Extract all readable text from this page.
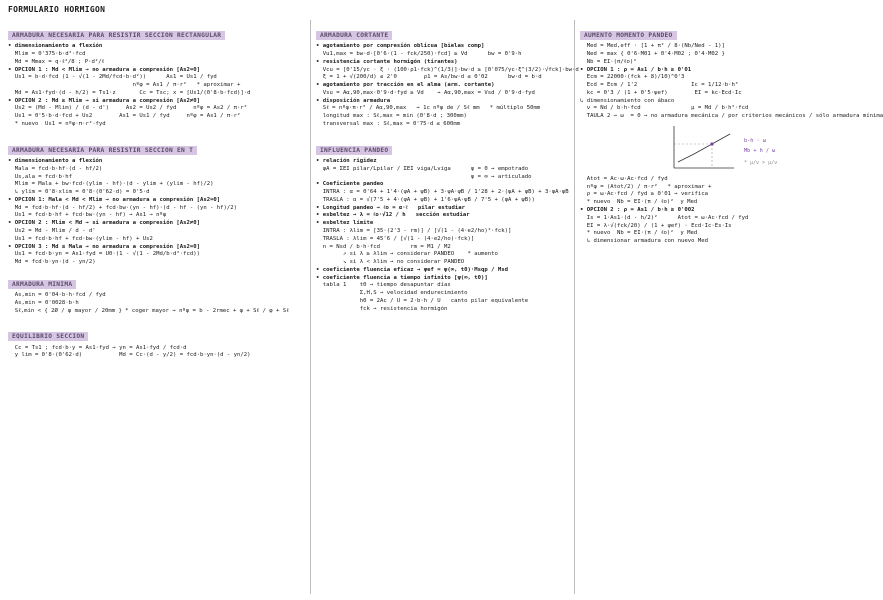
FORMULARIO HORMIGON
ARMADURA NECESARIA PARA RESISTIR SECCION RECTANGULAR
• dimensionamiento a flexión
Mlim = 0'375·b·d²·fcd
Md = Mmax = q·ℓ²/8 ; P·d²/ℓ
• OPCION 1 : Md < Mlim → no armadura a compresión [As2=0]
Us1 = b·d·fcd (1 - √(1 - 2Md/fcd·b·d²))      As1 = Us1 / fyd
nºφ = As1 / π·r²   * aproximar +
Md = As1·fyd·(d - h/2) = Ts1·z       Cc = Tsc; x = [Us1/(0'8·b·fcd)]·d
• OPCION 2 : Md ≥ Mlim → si armadura a compresión [As2≠0]
Us2 = (Md - Mlim) / (d - d')     As2 = Us2 / fyd     nºφ = As2 / π·r²
Us1 = 0'5·b·d·fcd + Us2        As1 = Us1 / fyd     nºφ = As1 / π·r²
* nuevo  Us1 = nºφ·π·r²·fyd
ARMADURA NECESARIA PARA RESISTIR SECCION EN T
• dimensionamiento a flexión
Mala = fcd·b·hf·(d - hf/2)
Us,ala = fcd·b·hf
Mlim = Mala + bw·fcd·(ylim - hf)·(d - ylim + (ylim - hf)/2)
↳ ylim = 0'8·xlim = 0'8·(0'62·d) = 0'5·d
• OPCION 1: Mala < Md < Mlim → no armadura a compresión [As2=0]
Md = fcd·b·hf·(d - hf/2) + fcd·bw·(yn - hf)·(d - hf - (yn - hf)/2)
Us1 = fcd·b·hf + fcd·bw·(yn - hf) → As1 → nºφ
• OPCION 2 : Mlim < Md → si armadura a compresión [As2≠0]
Us2 = Md - Mlim / d - d'
Us1 = fcd·b·hf + fcd·bw·(ylim - hf) + Us2
• OPCION 3 : Md ≤ Mala → no armadura a compresión [As2=0]
Us1 = fcd·b·yn = As1·fyd = U0·(1 - √(1 - 2Md/b·d²·fcd))
Md = fcd·b·yn·(d - yn/2)
ARMADURA MINIMA
As,min = 0'04·b·h·fcd / fyd
As,min = 0'0028·b·h
Sℓ,min < { 2Ø / φ mayor / 20mm } * coger mayor → nºφ = b - 2rmec + φ + Sℓ / φ + Sℓ
EQUILIBRIO SECCION
Cc = Ts1 ; fcd·b·y = As1·fyd → yn = As1·fyd / fcd·d
y lim = 0'8·(0'62·d)           Md = Cc·(d - y/2) = fcd·b·yn·(d - yn/2)
ARMADURA CORTANTE
• agotamiento por compresión oblicua [bielas comp]
Vu1,max = bw·d·[0'6·(1 - fck/250)·fcd] ≥ Vd      bw = 0'9·h
• resistencia cortante hormigón (tirantes)
Vcu = [0'15/γc · ξ · (100·ρ1·fck)^(1/3)]·bw·d ≥ [0'075/γc·ξ^(3/2)·√fck]·bw·d
ξ = 1 + √(200/d) ≤ 2'0        ρ1 = As/bw·d ≤ 0'02      bw·d = b·d
• agotamiento por tracción en el alma (arm. cortante)
Vsu = Aα,90,max·0'9·d·fyd ≥ Vd    → Aα,90,max = Vsd / 0'9·d·fyd
• disposición armadura
Sℓ = nºφ·π·r² / Aα,90,max   → 1c nºφ de / Sℓ mm   * múltiplo 50mm
longitud max : Sℓ,max = min (0'8·d ; 300mm)
transversal max : Sℓ,max = 0'75·d ≤ 600mm
INFLUENCIA PANDEO
• relación rigidez
ψA = ΣEI pilar/Lpilar / ΣEI viga/Lviga      ψ = 0 → empotrado
ψ = ∞ → articulado
• Coeficiente pandeo
INTRA : α = 0'64 + 1'4·(ψA + ψB) + 3·ψA·ψB / 1'28 + 2·(ψA + ψB) + 3·ψA·ψB
TRASLA : α = √(7'5 + 4·(ψA + ψB) + 1'6·ψA·ψB / 7'5 + (ψA + ψB))
• Longitud pandeo → ℓo = α·ℓ   pilar estudiar
• esbeltez → λ = ℓo·√12 / h   sección estudiar
• esbeltez límite
INTRA : λlim = [35·(2'3 - rm)] / [√(1 - (4·e2/ho)²·fck)]
TRASLA : λlim = 45'6 / [√(1 - (4·e2/ho)·fck)]
n = Nsd / b·h·fcd         rm = M1 / M2
↗ si λ ≥ λlim → considerar PANDEO    * aumento
↘ si λ < λlim → no considerar PANDEO
• coeficiente fluencia eficaz → ψef = ψ(∞, t0)·Msqp / Msd
• coeficiente fluencia a tiempo infinito [ψ(∞, t0)]
tabla 1    t0 → tiempo desapuntar días
Σ,H,S → velocidad endurecimiento
h0 = 2Ac / U = 2·b·h / U   canto pilar equivalente
fck → resistencia hormigón
AUMENTO MOMENTO PANDEO
Med = Med,eff · [1 + π² / 8·(Nb/Ned - 1)]
Ned = max { 0'6·M01 + 0'4·M02 ; 0'4·M02 }
Nb = EI·(π/ℓo)²
• OPCION 1 : ρ = As1 / b·h ≥ 0'01
Ecm = 22000·(fck + 8)/10)^0'3
Ecd = Ecm / 1'2                Ic = 1/12·b·h³
kc = 0'3 / (1 + 0'5·ψef)        EI = kc·Ecd·Ic
↳ dimensionamiento con ábaco
ν = Nd / b·h·fcd               μ = Md / b·h²·fcd
TAULA 2 → ω  = 0 → no armadura mecánica / por criterios mecánicos / sólo armadura mínima
b-h · ω
Mb + h / ω
* μ/ν > μ/ν
Atot = Ac·ω·Ac·fcd / fyd
nºφ = (Atot/2) / π·r²   * aproximar +
ρ = ω·Ac·fcd / fyd ≥ 0'01 → verifica
* nuevo  Nb = EI·(π / ℓo)²  y Med
• OPCION 2 : ρ = As1 / b·h ≥ 0'002
Is = 1·As1·(d - h/2)²      Atot = ω·Ac·fcd / fyd
EI = λ·√(fck/20) / (1 + ψef) · Ecd·Ic·Es·Is
* nuevo  Nb = EI·(π / ℓo)²  y Med
↳ dimensionar armadura con nuevo Med
